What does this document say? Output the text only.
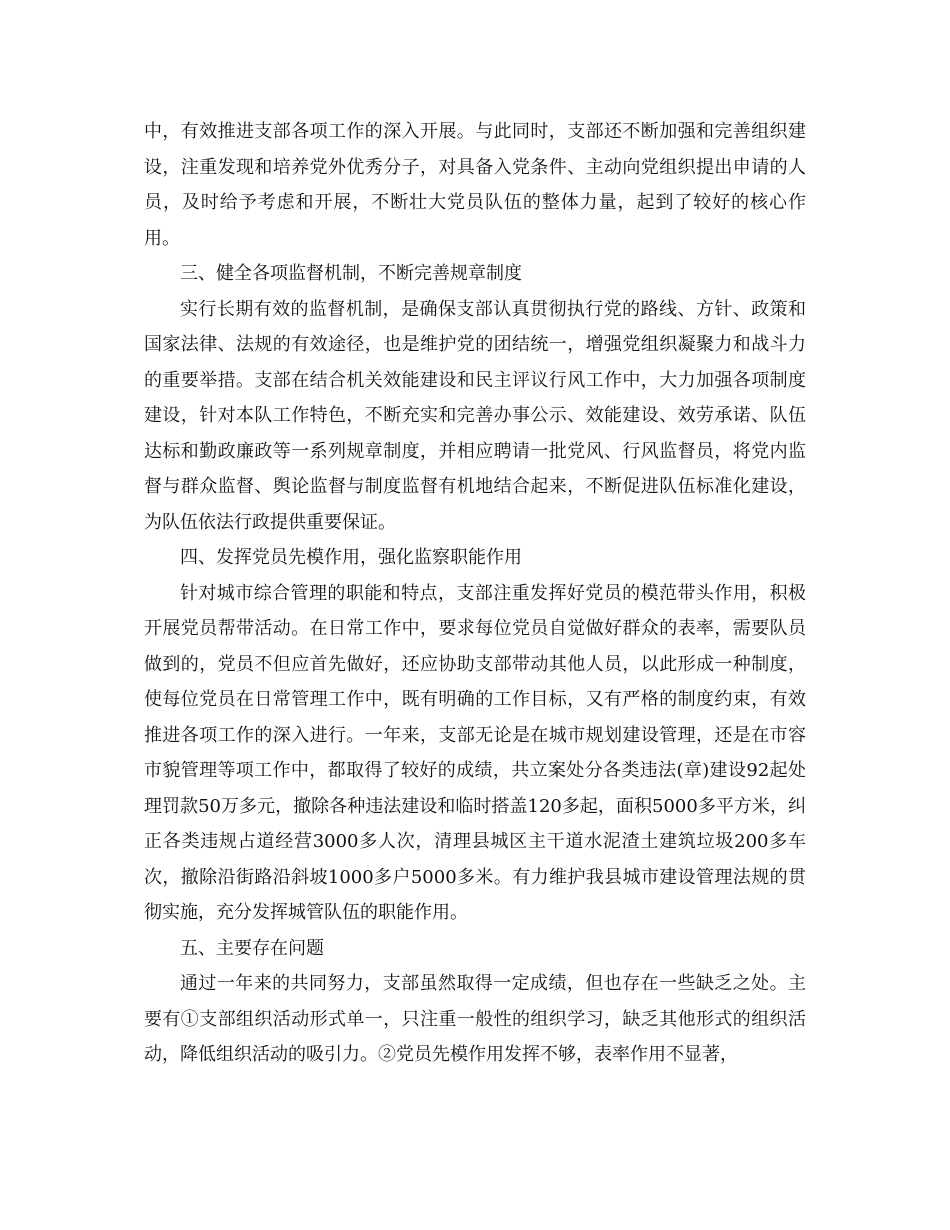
中，有效推进支部各项工作的深入开展。与此同时，支部还不断加强和完善组织建设，注重发现和培养党外优秀分子，对具备入党条件、主动向党组织提出申请的人员，及时给予考虑和开展，不断壮大党员队伍的整体力量，起到了较好的核心作用。

三、健全各项监督机制，不断完善规章制度

实行长期有效的监督机制，是确保支部认真贯彻执行党的路线、方针、政策和国家法律、法规的有效途径，也是维护党的团结统一，增强党组织凝聚力和战斗力的重要举措。支部在结合机关效能建设和民主评议行风工作中，大力加强各项制度建设，针对本队工作特色，不断充实和完善办事公示、效能建设、效劳承诺、队伍达标和勤政廉政等一系列规章制度，并相应聘请一批党风、行风监督员，将党内监督与群众监督、舆论监督与制度监督有机地结合起来，不断促进队伍标准化建设，为队伍依法行政提供重要保证。

四、发挥党员先模作用，强化监察职能作用

针对城市综合管理的职能和特点，支部注重发挥好党员的模范带头作用，积极开展党员帮带活动。在日常工作中，要求每位党员自觉做好群众的表率，需要队员做到的，党员不但应首先做好，还应协助支部带动其他人员，以此形成一种制度，使每位党员在日常管理工作中，既有明确的工作目标，又有严格的制度约束，有效推进各项工作的深入进行。一年来，支部无论是在城市规划建设管理，还是在市容市貌管理等项工作中，都取得了较好的成绩，共立案处分各类违法(章)建设92起处理罚款50万多元，撤除各种违法建设和临时搭盖120多起，面积5000多平方米，纠正各类违规占道经营3000多人次，清理县城区主干道水泥渣土建筑垃圾200多车次，撤除沿街路沿斜坡1000多户5000多米。有力维护我县城市建设管理法规的贯彻实施，充分发挥城管队伍的职能作用。

五、主要存在问题

通过一年来的共同努力，支部虽然取得一定成绩，但也存在一些缺乏之处。主要有①支部组织活动形式单一，只注重一般性的组织学习，缺乏其他形式的组织活动，降低组织活动的吸引力。②党员先模作用发挥不够，表率作用不显著，
